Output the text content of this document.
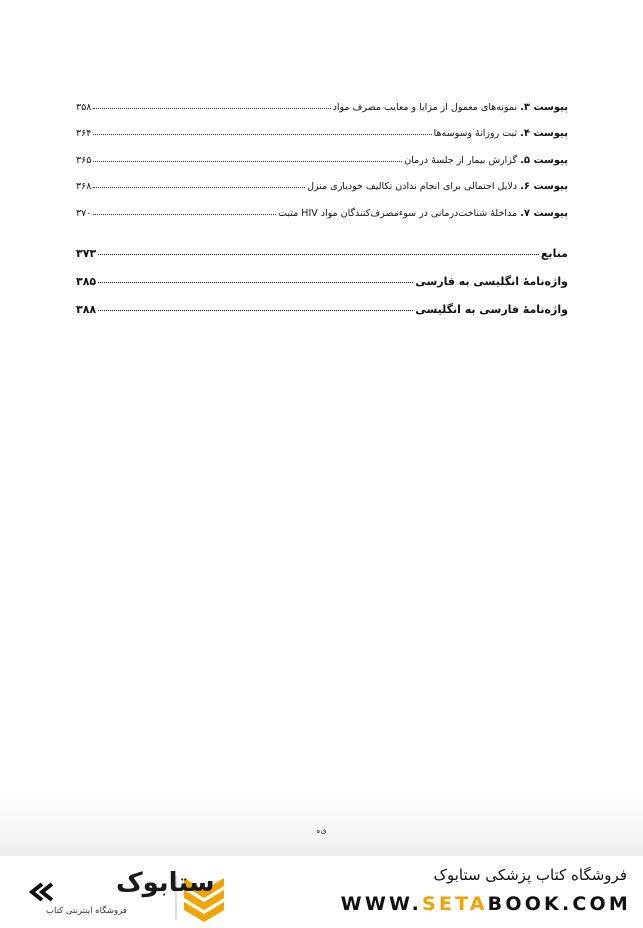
پیوست ۳. نمونه‌های معمول از مزایا و معایب مصرف مواد
۳۵۸
پیوست ۴. ثبت روزانهٔ وسوسه‌ها
۳۶۴
پیوست ۵. گزارش بیمار از جلسهٔ درمان
۳۶۵
پیوست ۶. دلایل احتمالی برای انجام ندادن تکالیف خودیاری منزل
۳۶۸
پیوست ۷. مداخلهٔ شناخت‌درمانی در سوءمصرف‌کنندگان مواد HIV مثبت
۳۷۰
منابع
۳۷۳
واژه‌نامهٔ انگلیسی به فارسی
۳۸۵
واژه‌نامهٔ فارسی به انگلیسی
۳۸۸
ی‌ه
ستابوک
فروشگاه اینترنتی کتاب
فروشگاه کتاب پزشکی ستابوک
WWW.SETABOOK.COM
